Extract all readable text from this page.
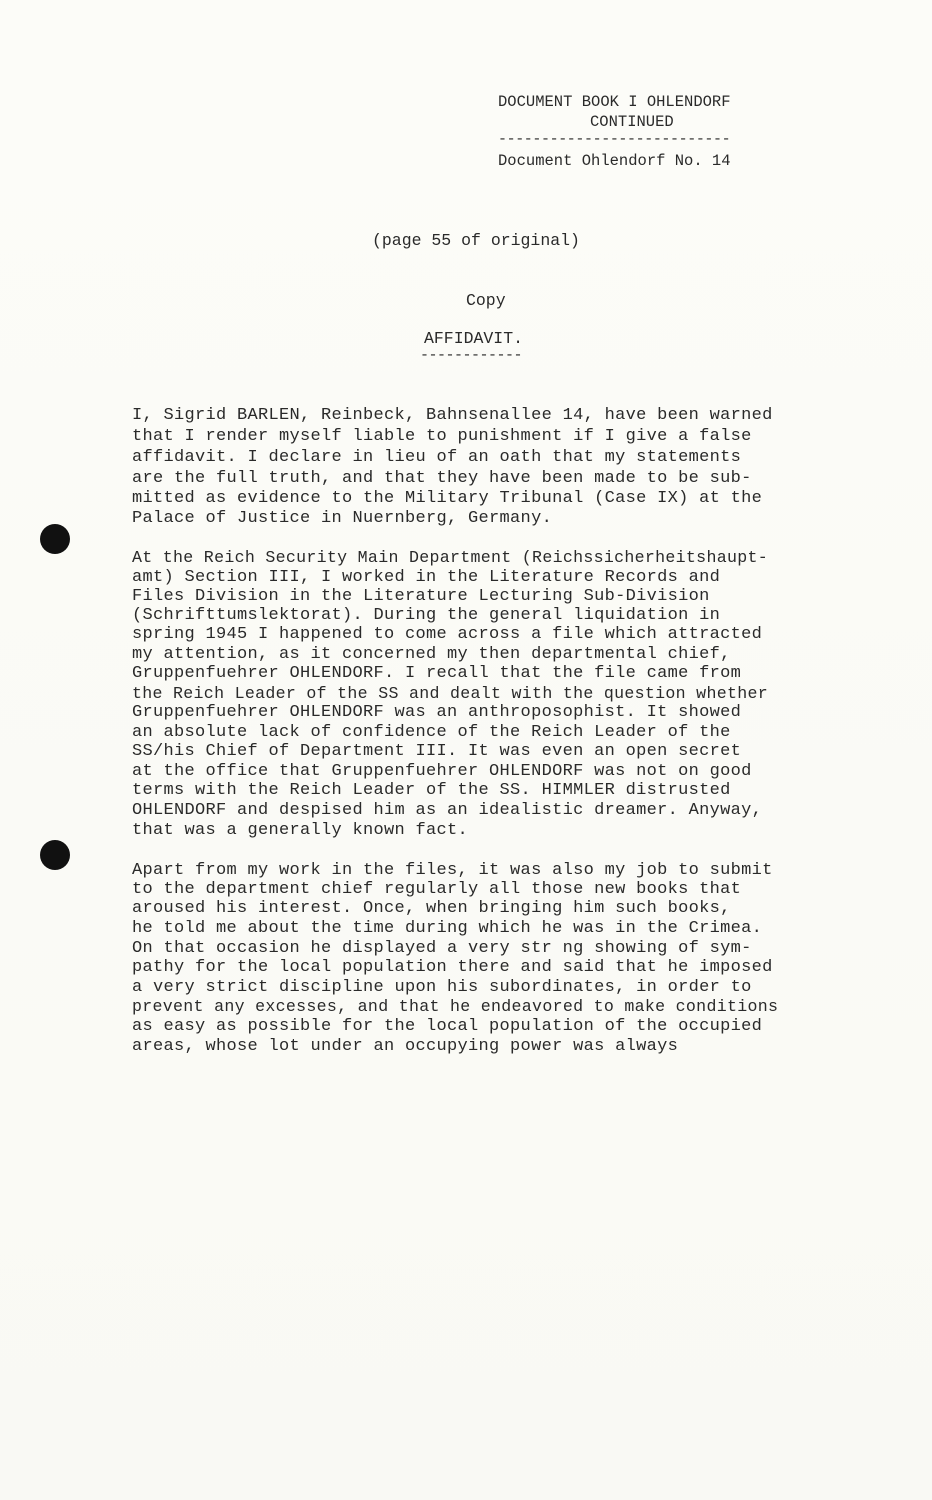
DOCUMENT BOOK I OHLENDORF
CONTINUED
---------------------------
Document Ohlendorf No. 14
(page 55 of original)
Copy
AFFIDAVIT.
------------
I, Sigrid BARLEN, Reinbeck, Bahnsenallee 14, have been warned
that I render myself liable to punishment if I give a false
affidavit. I declare in lieu of an oath that my statements
are the full truth, and that they have been made to be sub-
mitted as evidence to the Military Tribunal (Case IX) at the
Palace of Justice in Nuernberg, Germany.
At the Reich Security Main Department (Reichssicherheitshaupt-
amt) Section III, I worked in the Literature Records and
Files Division in the Literature Lecturing Sub-Division
(Schrifttumslektorat). During the general liquidation in
spring 1945 I happened to come across a file which attracted
my attention, as it concerned my then departmental chief,
Gruppenfuehrer OHLENDORF. I recall that the file came from
the Reich Leader of the SS and dealt with the question whether
Gruppenfuehrer OHLENDORF was an anthroposophist. It showed
an absolute lack of confidence of the Reich Leader of the
SS/his Chief of Department III. It was even an open secret
at the office that Gruppenfuehrer OHLENDORF was not on good
terms with the Reich Leader of the SS. HIMMLER distrusted
OHLENDORF and despised him as an idealistic dreamer. Anyway,
that was a generally known fact.
Apart from my work in the files, it was also my job to submit
to the department chief regularly all those new books that
aroused his interest. Once, when bringing him such books,
he told me about the time during which he was in the Crimea.
On that occasion he displayed a very str ng showing of sym-
pathy for the local population there and said that he imposed
a very strict discipline upon his subordinates, in order to
prevent any excesses, and that he endeavored to make conditions
as easy as possible for the local population of the occupied
areas, whose lot under an occupying power was always
